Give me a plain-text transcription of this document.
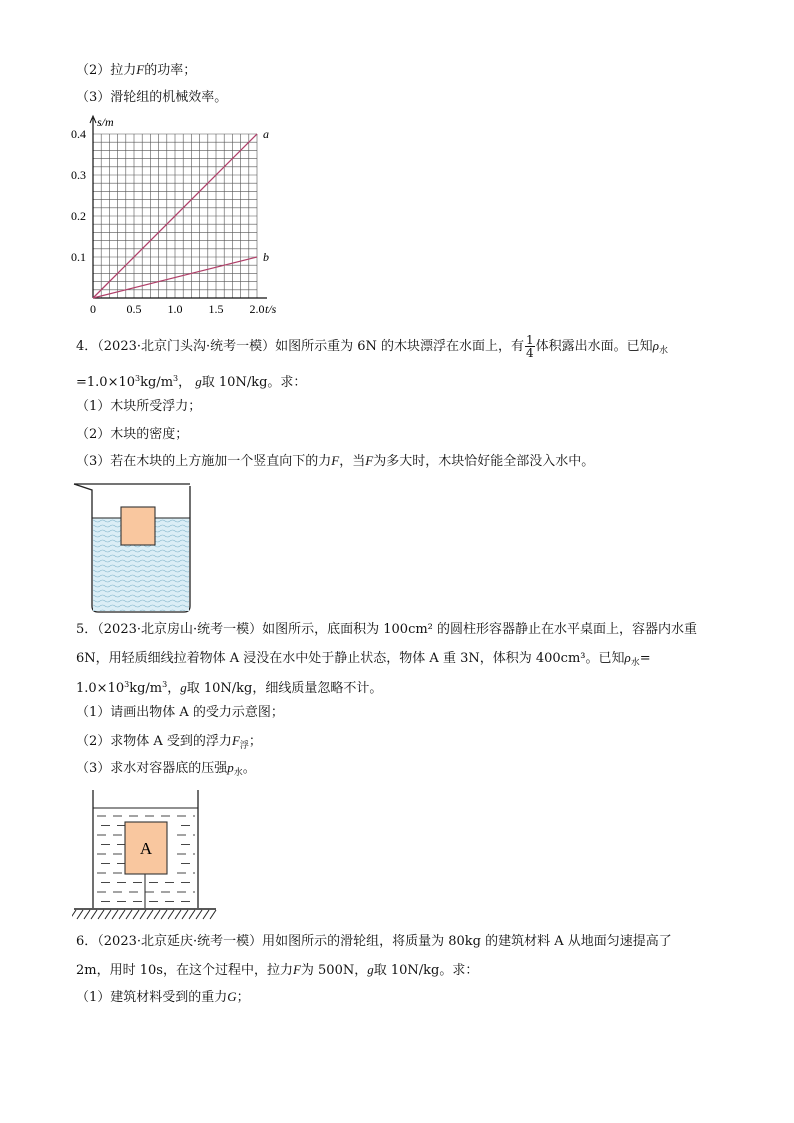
（2）拉力F的功率；
（3）滑轮组的机械效率。
0	0.5 1.0 1.5 2.0
0.1
0.2
0.3
0.4	a
b
s/m
t/s
4．（2023·北京门头沟·统考一模）如图所示重为 6N 的木块漂浮在水面上，有 $\frac{1}{4}$ 体积露出水面。已知$\rho_水$
$=1.0\times 10^3kg/m^3$， g取 10N/kg。求：
（1）木块所受浮力；
（2）木块的密度；
（3）若在木块的上方施加一个竖直向下的力F，当F为多大时，木块恰好能全部没入水中。
5．（2023·北京房山·统考一模）如图所示，底面积为 100cm² 的圆柱形容器静止在水平桌面上，容器内水重
6N，用轻质细线拉着物体 A 浸没在水中处于静止状态，物体 A 重 3N，体积为 400cm³。已知$\rho_水=$
$1.0\times 10^3kg/m^3$，g取 10N/kg，细线质量忽略不计。
（1）请画出物体 A 的受力示意图；
（2）求物体 A 受到的浮力$F_浮$；
（3）求水对容器底的压强$p_水$。
A
6．（2023·北京延庆·统考一模）用如图所示的滑轮组，将质量为 80kg 的建筑材料 A 从地面匀速提高了
2m，用时 10s，在这个过程中，拉力F为 500N，g取 10N/kg。求：
（1）建筑材料受到的重力G；
